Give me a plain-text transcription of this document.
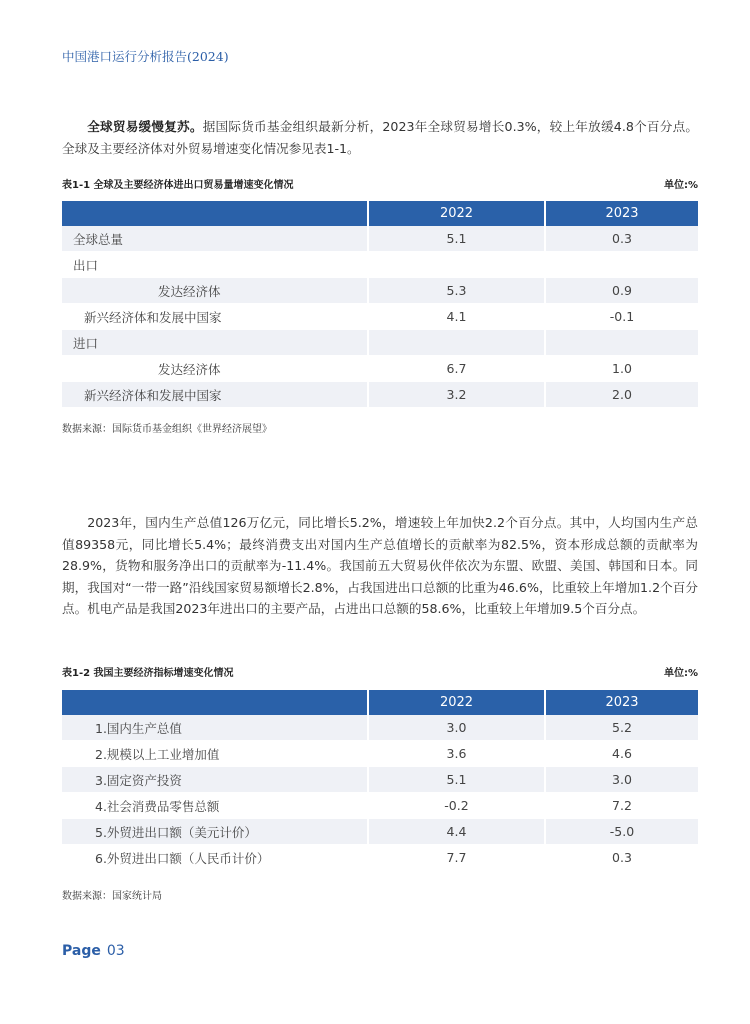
中国港口运行分析报告(2024)

全球贸易缓慢复苏。据国际货币基金组织最新分析，2023年全球贸易增长0.3%，较上年放缓4.8个百分点。全球及主要经济体对外贸易增速变化情况参见表1-1。

表1-1 全球及主要经济体进出口贸易量增速变化情况	单位:%
	2022	2023
全球总量	5.1	0.3
出口		
发达经济体	5.3	0.9
新兴经济体和发展中国家	4.1	-0.1
进口		
发达经济体	6.7	1.0
新兴经济体和发展中国家	3.2	2.0
数据来源：国际货币基金组织《世界经济展望》

2023年，国内生产总值126万亿元，同比增长5.2%，增速较上年加快2.2个百分点。其中，人均国内生产总值89358元，同比增长5.4%；最终消费支出对国内生产总值增长的贡献率为82.5%，资本形成总额的贡献率为28.9%，货物和服务净出口的贡献率为-11.4%。我国前五大贸易伙伴依次为东盟、欧盟、美国、韩国和日本。同期，我国对“一带一路”沿线国家贸易额增长2.8%，占我国进出口总额的比重为46.6%，比重较上年增加1.2个百分点。机电产品是我国2023年进出口的主要产品，占进出口总额的58.6%，比重较上年增加9.5个百分点。

表1-2 我国主要经济指标增速变化情况	单位:%
	2022	2023
1.国内生产总值	3.0	5.2
2.规模以上工业增加值	3.6	4.6
3.固定资产投资	5.1	3.0
4.社会消费品零售总额	-0.2	7.2
5.外贸进出口额（美元计价）	4.4	-5.0
6.外贸进出口额（人民币计价）	7.7	0.3
数据来源：国家统计局
Page 03
